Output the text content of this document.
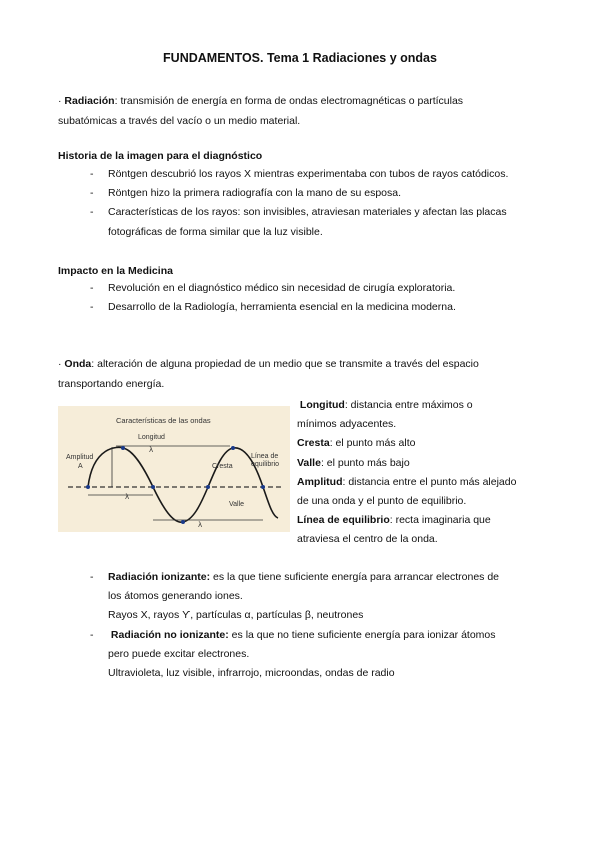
FUNDAMENTOS. Tema 1 Radiaciones y ondas
· Radiación: transmisión de energía en forma de ondas electromagnéticas o partículas
subatómicas a través del vacío o un medio material.
Historia de la imagen para el diagnóstico
- Röntgen descubrió los rayos X mientras experimentaba con tubos de rayos catódicos.
- Röntgen hizo la primera radiografía con la mano de su esposa.
- Características de los rayos: son invisibles, atraviesan materiales y afectan las placas
fotográficas de forma similar que la luz visible.
Impacto en la Medicina
- Revolución en el diagnóstico médico sin necesidad de cirugía exploratoria.
- Desarrollo de la Radiología, herramienta esencial en la medicina moderna.
· Onda: alteración de alguna propiedad de un medio que se transmite a través del espacio
transportando energía.
Características de las ondas
Amplitud
A
Longitud
λ
λ
λ
Cresta
Línea de
equilibrio
Valle
Longitud: distancia entre máximos o
mínimos adyacentes.
Cresta: el punto más alto
Valle: el punto más bajo
Amplitud: distancia entre el punto más alejado
de una onda y el punto de equilibrio.
Línea de equilibrio: recta imaginaria que
atraviesa el centro de la onda.
- Radiación ionizante: es la que tiene suficiente energía para arrancar electrones de
los átomos generando iones.
Rayos X, rayos ϒ, partículas α, partículas β, neutrones
- Radiación no ionizante: es la que no tiene suficiente energía para ionizar átomos
pero puede excitar electrones.
Ultravioleta, luz visible, infrarrojo, microondas, ondas de radio
